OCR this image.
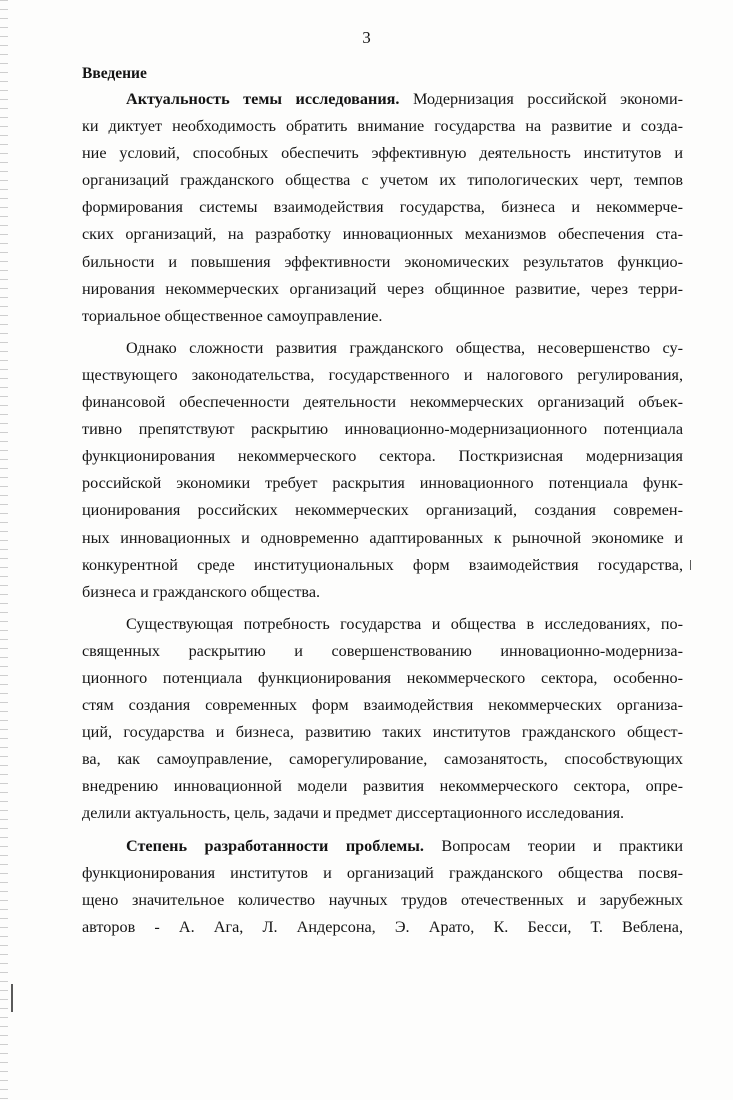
3

Введение

Актуальность темы исследования. Модернизация российской экономи-
ки диктует необходимость обратить внимание государства на развитие и созда-
ние условий, способных обеспечить эффективную деятельность институтов и
организаций гражданского общества с учетом их типологических черт, темпов
формирования системы взаимодействия государства, бизнеса и некоммерче-
ских организаций, на разработку инновационных механизмов обеспечения ста-
бильности и повышения эффективности экономических результатов функцио-
нирования некоммерческих организаций через общинное развитие, через терри-
ториальное общественное самоуправление.
Однако сложности развития гражданского общества, несовершенство су-
ществующего законодательства, государственного и налогового регулирования,
финансовой обеспеченности деятельности некоммерческих организаций объек-
тивно препятствуют раскрытию инновационно-модернизационного потенциала
функционирования некоммерческого сектора. Посткризисная модернизация
российской экономики требует раскрытия инновационного потенциала функ-
ционирования российских некоммерческих организаций, создания современ-
ных инновационных и одновременно адаптированных к рыночной экономике и
конкурентной среде институциональных форм взаимодействия государства,
бизнеса и гражданского общества.
Существующая потребность государства и общества в исследованиях, по-
священных раскрытию и совершенствованию инновационно-модерниза-
ционного потенциала функционирования некоммерческого сектора, особенно-
стям создания современных форм взаимодействия некоммерческих организа-
ций, государства и бизнеса, развитию таких институтов гражданского общест-
ва, как самоуправление, саморегулирование, самозанятость, способствующих
внедрению инновационной модели развития некоммерческого сектора, опре-
делили актуальность, цель, задачи и предмет диссертационного исследования.
Степень разработанности проблемы. Вопросам теории и практики
функционирования институтов и организаций гражданского общества посвя-
щено значительное количество научных трудов отечественных и зарубежных
авторов - А. Ага, Л. Андерсона, Э. Арато, К. Бесси, Т. Веблена,
